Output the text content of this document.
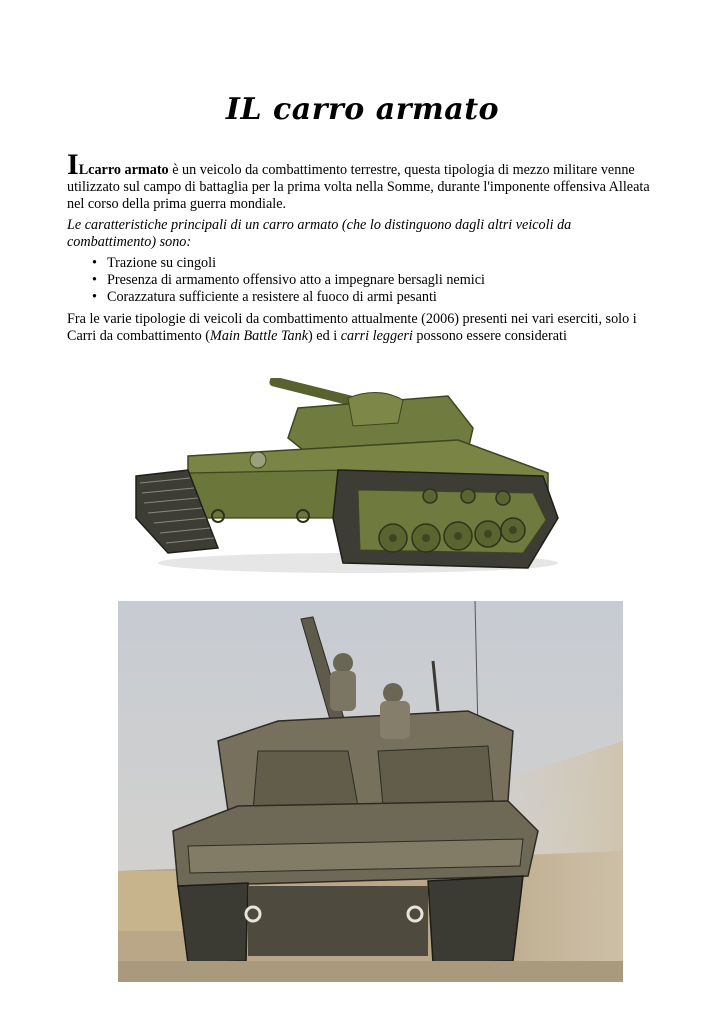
IL carro armato

ILcarro armato è un veicolo da combattimento terrestre, questa tipologia di mezzo militare venne utilizzato sul campo di battaglia per la prima volta nella Somme, durante l'imponente offensiva Alleata nel corso della prima guerra mondiale.

Le caratteristiche principali di un carro armato (che lo distinguono dagli altri veicoli da combattimento) sono:

• Trazione su cingoli
• Presenza di armamento offensivo atto a impegnare bersagli nemici
• Corazzatura sufficiente a resistere al fuoco di armi pesanti

Fra le varie tipologie di veicoli da combattimento attualmente (2006) presenti nei vari eserciti, solo i Carri da combattimento (Main Battle Tank) ed i carri leggeri possono essere considerati
